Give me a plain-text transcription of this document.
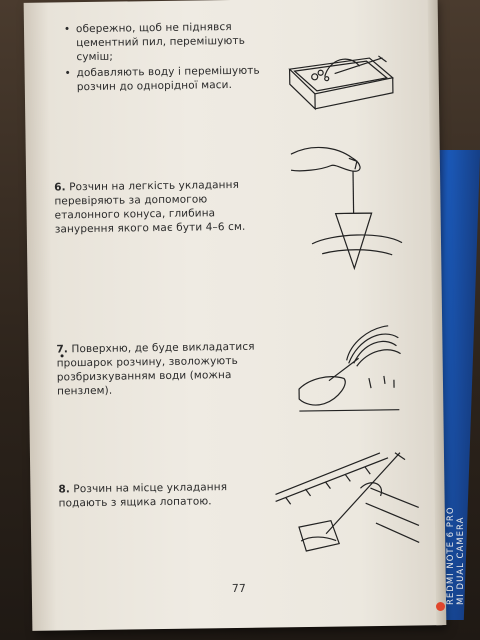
• обережно, щоб не піднявся цементний пил, перемішують суміш;
• добавляють воду і перемішують розчин до однорідної маси.
6. Розчин на легкість укладання перевіряють за допомогою еталонного конуса, глибина занурення якого має бути 4–6 см.
7. Поверхню, де буде викладатися прошарок розчину, зволожують розбризкуванням води (можна пензлем).
8. Розчин на місце укладання подають з ящика лопатою.
77	REDMI NOTE 6 PRO MI DUAL CAMERA
